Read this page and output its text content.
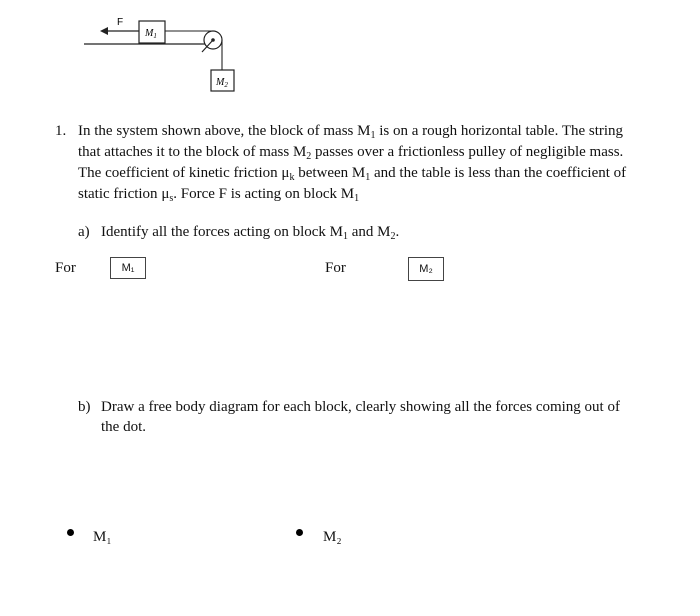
F
$M_1$
$M_2$
1. In the system shown above, the block of mass $M_1$ is on a rough horizontal table. The string that attaches it to the block of mass $M_2$ passes over a frictionless pulley of negligible mass. The coefficient of kinetic friction $\mu_k$ between $M_1$ and the table is less than the coefficient of static friction $\mu_s$. Force F is acting on block $M_1$
a) Identify all the forces acting on block $M_1$ and $M_2$.
For	M₁	For	M₂
b) Draw a free body diagram for each block, clearly showing all the forces coming out of the dot.
M₁	M₂
